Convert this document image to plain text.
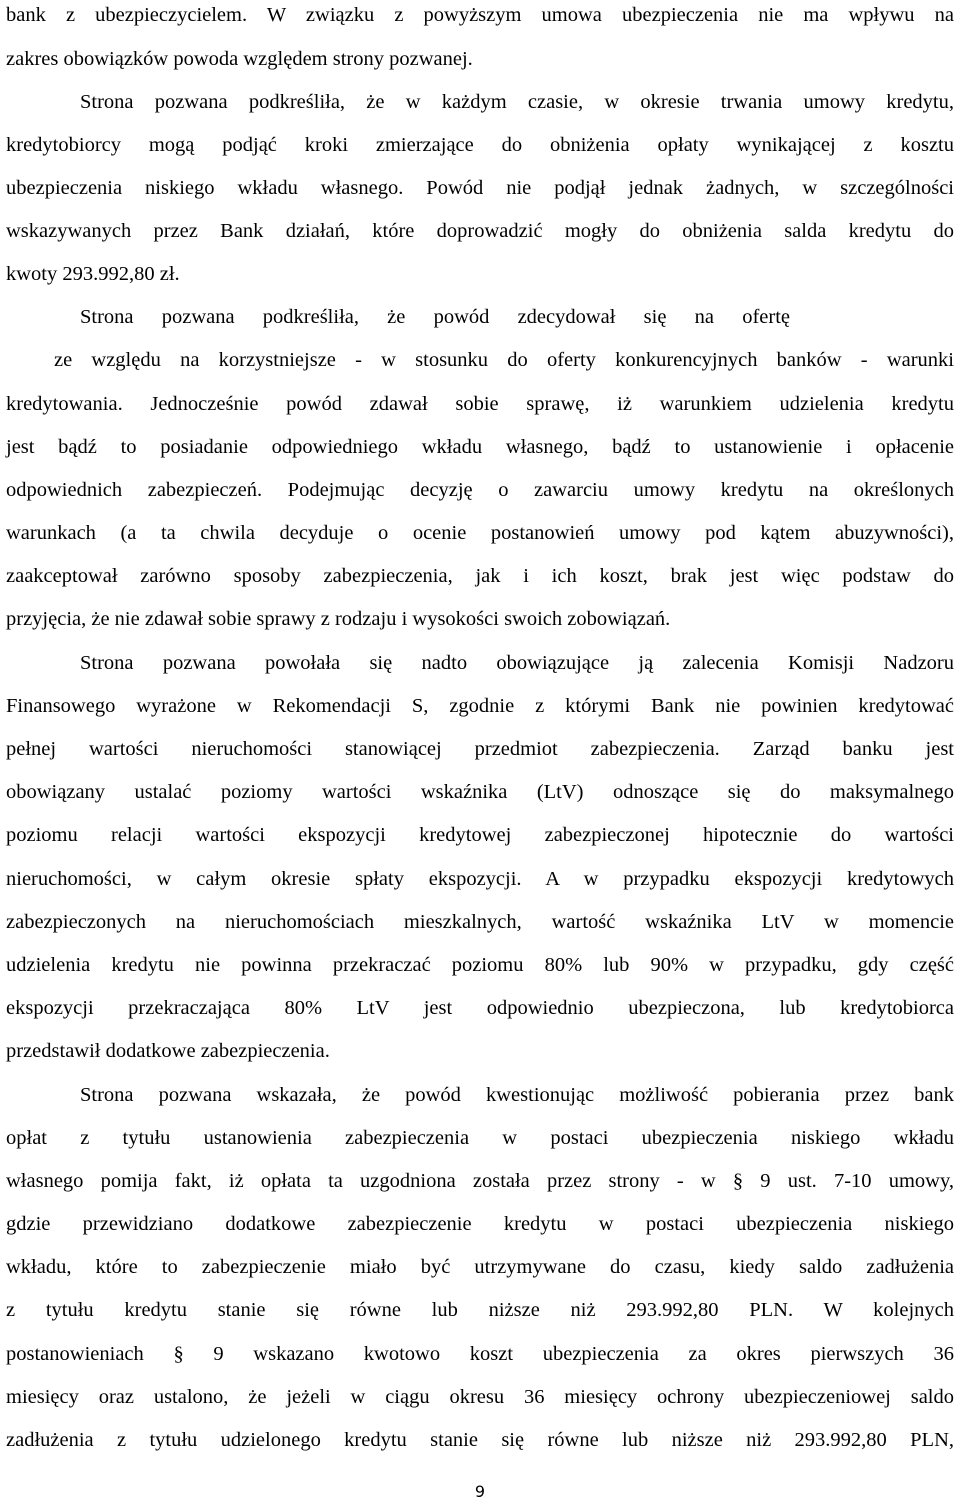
bank z ubezpieczycielem. W związku z powyższym umowa ubezpieczenia nie ma wpływu na
zakres obowiązków powoda względem strony pozwanej.
Strona pozwana podkreśliła, że w każdym czasie, w okresie trwania umowy kredytu,
kredytobiorcy mogą podjąć kroki zmierzające do obniżenia opłaty wynikającej z kosztu
ubezpieczenia niskiego wkładu własnego. Powód nie podjął jednak żadnych, w szczególności
wskazywanych przez Bank działań, które doprowadzić mogły do obniżenia salda kredytu do
kwoty 293.992,80 zł.
Strona pozwana podkreśliła, że powód zdecydował się na ofertę
ze względu na korzystniejsze - w stosunku do oferty konkurencyjnych banków - warunki
kredytowania. Jednocześnie powód zdawał sobie sprawę, iż warunkiem udzielenia kredytu
jest bądź to posiadanie odpowiedniego wkładu własnego, bądź to ustanowienie i opłacenie
odpowiednich zabezpieczeń. Podejmując decyzję o zawarciu umowy kredytu na określonych
warunkach (a ta chwila decyduje o ocenie postanowień umowy pod kątem abuzywności),
zaakceptował zarówno sposoby zabezpieczenia, jak i ich koszt, brak jest więc podstaw do
przyjęcia, że nie zdawał sobie sprawy z rodzaju i wysokości swoich zobowiązań.
Strona pozwana powołała się nadto obowiązujące ją zalecenia Komisji Nadzoru
Finansowego wyrażone w Rekomendacji S, zgodnie z którymi Bank nie powinien kredytować
pełnej wartości nieruchomości stanowiącej przedmiot zabezpieczenia. Zarząd banku jest
obowiązany ustalać poziomy wartości wskaźnika (LtV) odnoszące się do maksymalnego
poziomu relacji wartości ekspozycji kredytowej zabezpieczonej hipotecznie do wartości
nieruchomości, w całym okresie spłaty ekspozycji. A w przypadku ekspozycji kredytowych
zabezpieczonych na nieruchomościach mieszkalnych, wartość wskaźnika LtV w momencie
udzielenia kredytu nie powinna przekraczać poziomu 80% lub 90% w przypadku, gdy część
ekspozycji przekraczająca 80% LtV jest odpowiednio ubezpieczona, lub kredytobiorca
przedstawił dodatkowe zabezpieczenia.
Strona pozwana wskazała, że powód kwestionując możliwość pobierania przez bank
opłat z tytułu ustanowienia zabezpieczenia w postaci ubezpieczenia niskiego wkładu
własnego pomija fakt, iż opłata ta uzgodniona została przez strony - w § 9 ust. 7-10 umowy,
gdzie przewidziano dodatkowe zabezpieczenie kredytu w postaci ubezpieczenia niskiego
wkładu, które to zabezpieczenie miało być utrzymywane do czasu, kiedy saldo zadłużenia
z tytułu kredytu stanie się równe lub niższe niż 293.992,80 PLN. W kolejnych
postanowieniach § 9 wskazano kwotowo koszt ubezpieczenia za okres pierwszych 36
miesięcy oraz ustalono, że jeżeli w ciągu okresu 36 miesięcy ochrony ubezpieczeniowej saldo
zadłużenia z tytułu udzielonego kredytu stanie się równe lub niższe niż 293.992,80 PLN,
9
